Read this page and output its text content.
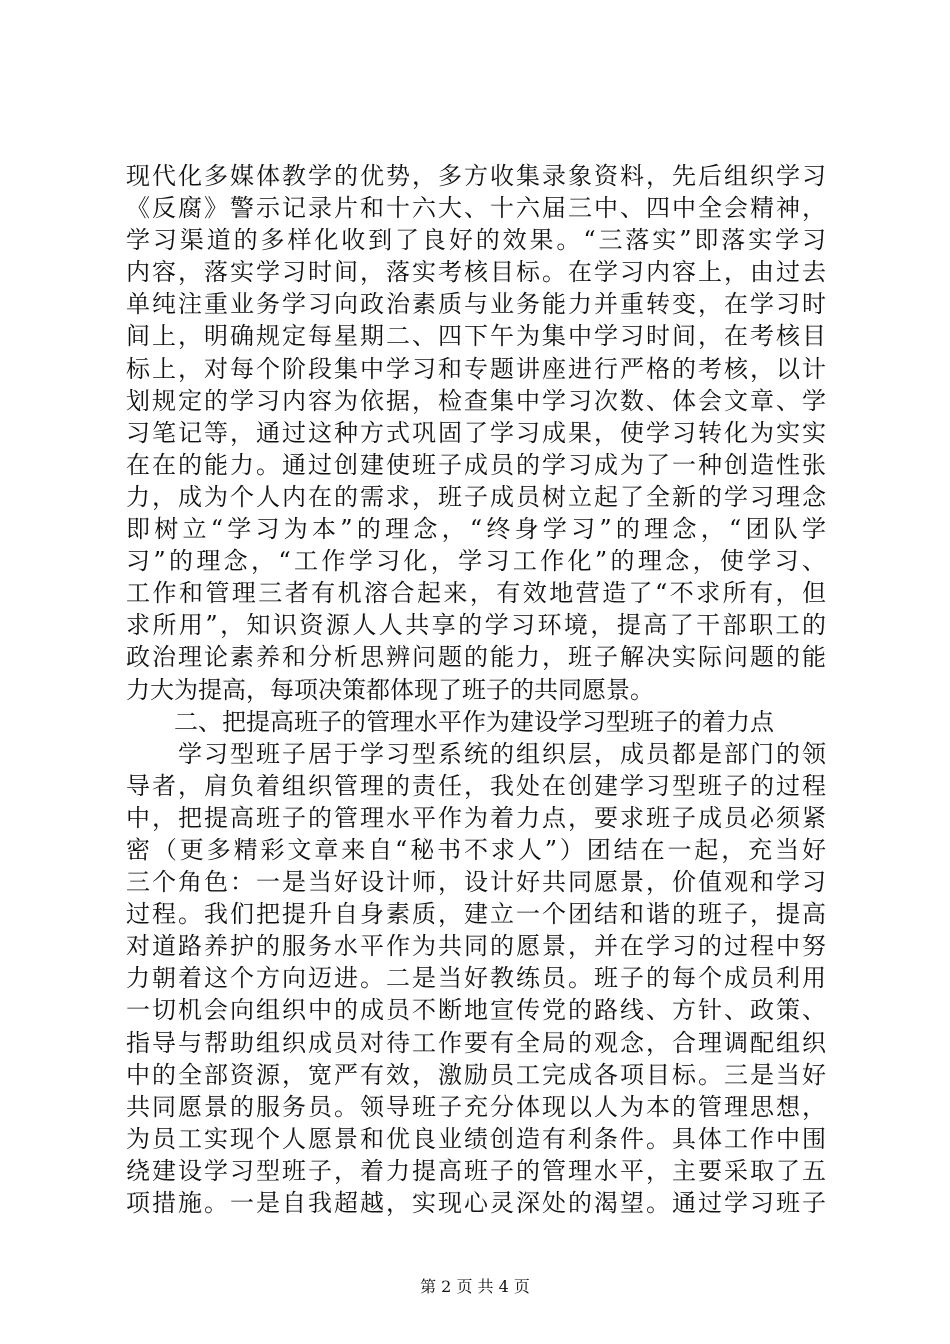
现代化多媒体教学的优势，多方收集录象资料，先后组织学习
《反腐》警示记录片和十六大、十六届三中、四中全会精神，
学习渠道的多样化收到了良好的效果。“三落实”即落实学习
内容，落实学习时间，落实考核目标。在学习内容上，由过去
单纯注重业务学习向政治素质与业务能力并重转变，在学习时
间上，明确规定每星期二、四下午为集中学习时间，在考核目
标上，对每个阶段集中学习和专题讲座进行严格的考核，以计
划规定的学习内容为依据，检查集中学习次数、体会文章、学
习笔记等，通过这种方式巩固了学习成果，使学习转化为实实
在在的能力。通过创建使班子成员的学习成为了一种创造性张
力，成为个人内在的需求，班子成员树立起了全新的学习理念
即树立“学习为本”的理念，“终身学习”的理念，“团队学
习”的理念，“工作学习化，学习工作化”的理念，使学习、
工作和管理三者有机溶合起来，有效地营造了“不求所有，但
求所用”，知识资源人人共享的学习环境，提高了干部职工的
政治理论素养和分析思辨问题的能力，班子解决实际问题的能
力大为提高，每项决策都体现了班子的共同愿景。
　　二、把提高班子的管理水平作为建设学习型班子的着力点
　　学习型班子居于学习型系统的组织层，成员都是部门的领
导者，肩负着组织管理的责任，我处在创建学习型班子的过程
中，把提高班子的管理水平作为着力点，要求班子成员必须紧
密（更多精彩文章来自“秘书不求人”）团结在一起，充当好
三个角色：一是当好设计师，设计好共同愿景，价值观和学习
过程。我们把提升自身素质，建立一个团结和谐的班子，提高
对道路养护的服务水平作为共同的愿景，并在学习的过程中努
力朝着这个方向迈进。二是当好教练员。班子的每个成员利用
一切机会向组织中的成员不断地宣传党的路线、方针、政策、
指导与帮助组织成员对待工作要有全局的观念，合理调配组织
中的全部资源，宽严有效，激励员工完成各项目标。三是当好
共同愿景的服务员。领导班子充分体现以人为本的管理思想，
为员工实现个人愿景和优良业绩创造有利条件。具体工作中围
绕建设学习型班子，着力提高班子的管理水平，主要采取了五
项措施。一是自我超越，实现心灵深处的渴望。通过学习班子
第 2 页 共 4 页
